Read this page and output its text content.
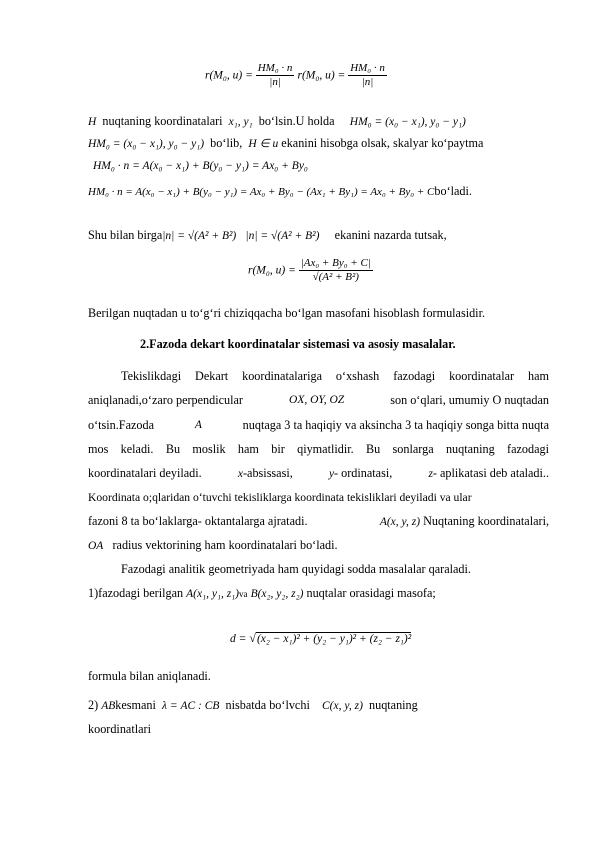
r(M₀, $u) = \frac{\text{HM₀ · n}}{|n|} r(M_0$, $u) = \frac{\text{HM₀ · n}}{|n|}$
H nuqtaning koordinatalari x₁, y₁ bo‘lsin.U holda HM₀ = (x₀ − x₁), y₀ − y₁)
HM₀ = (x₀ − x₁), y₀ − y₁) bo‘lib, H ∈ u ekanini hisobga olsak, skalyar ko‘paytma
HM₀ · n = A(x₀ − x₁) + B(y₀ − y₁) = Ax₀ + By₀
HM₀ · n = A(x₀ − x₁) + B(y₀ − y₁) = Ax₀ + By₀ − (Ax₁ + By₁) = Ax₀ + By₀ + Cbo‘ladi.
Shu bilan birga|n| = √(A² + B²) |n| = √(A² + B²) ekanini nazarda tutsak,
r(M₀, $u) = \frac{\text{|Ax₀ + By₀ + C|}}{\text{√(A² + B²)}}$
Berilgan nuqtadan u to‘g‘ri chiziqqacha bo‘lgan masofani hisoblash formulasidir.
2.Fazoda dekart koordinatalar sistemasi va asosiy masalalar.
Tekislikdagi Dekart koordinatalariga o‘xshash fazodagi koordinatalar ham
aniqlanadi,o‘zaro perpendicular	OX, OY, OZ	son o‘qlari, umumiy O nuqtadan
o‘tsin.Fazoda	A	nuqtaga 3 ta haqiqiy va aksincha 3 ta haqiqiy songa bitta nuqta
mos keladi. Bu moslik ham bir qiymatlidir. Bu sonlarga nuqtaning fazodagi
koordinatalari deyiladi.	x-absissasi,	y- ordinatasi,	z- aplikatasi deb ataladi..
Koordinata o;qlaridan o‘tuvchi tekisliklarga koordinata tekisliklari deyiladi va ular
fazoni 8 ta bo‘laklarga- oktantalarga ajratadi.	A(x, y, z) Nuqtaning koordinatalari,
OA radius vektorining ham koordinatalari bo‘ladi.
Fazodagi analitik geometriyada ham quyidagi sodda masalalar qaraladi.
1)fazodagi berilgan A(x₁, y₁, z₁)va B(x₂, y₂, z₂) nuqtalar orasidagi masofa;
d = √(x₂ − x₁)² + (y₂ − y₁)² + (z₂ − z₁)²
formula bilan aniqlanadi.
2) ABkesmani λ = AC : CB nisbatda bo‘lvchi C(x, y, z) nuqtaning
koordinatlari
